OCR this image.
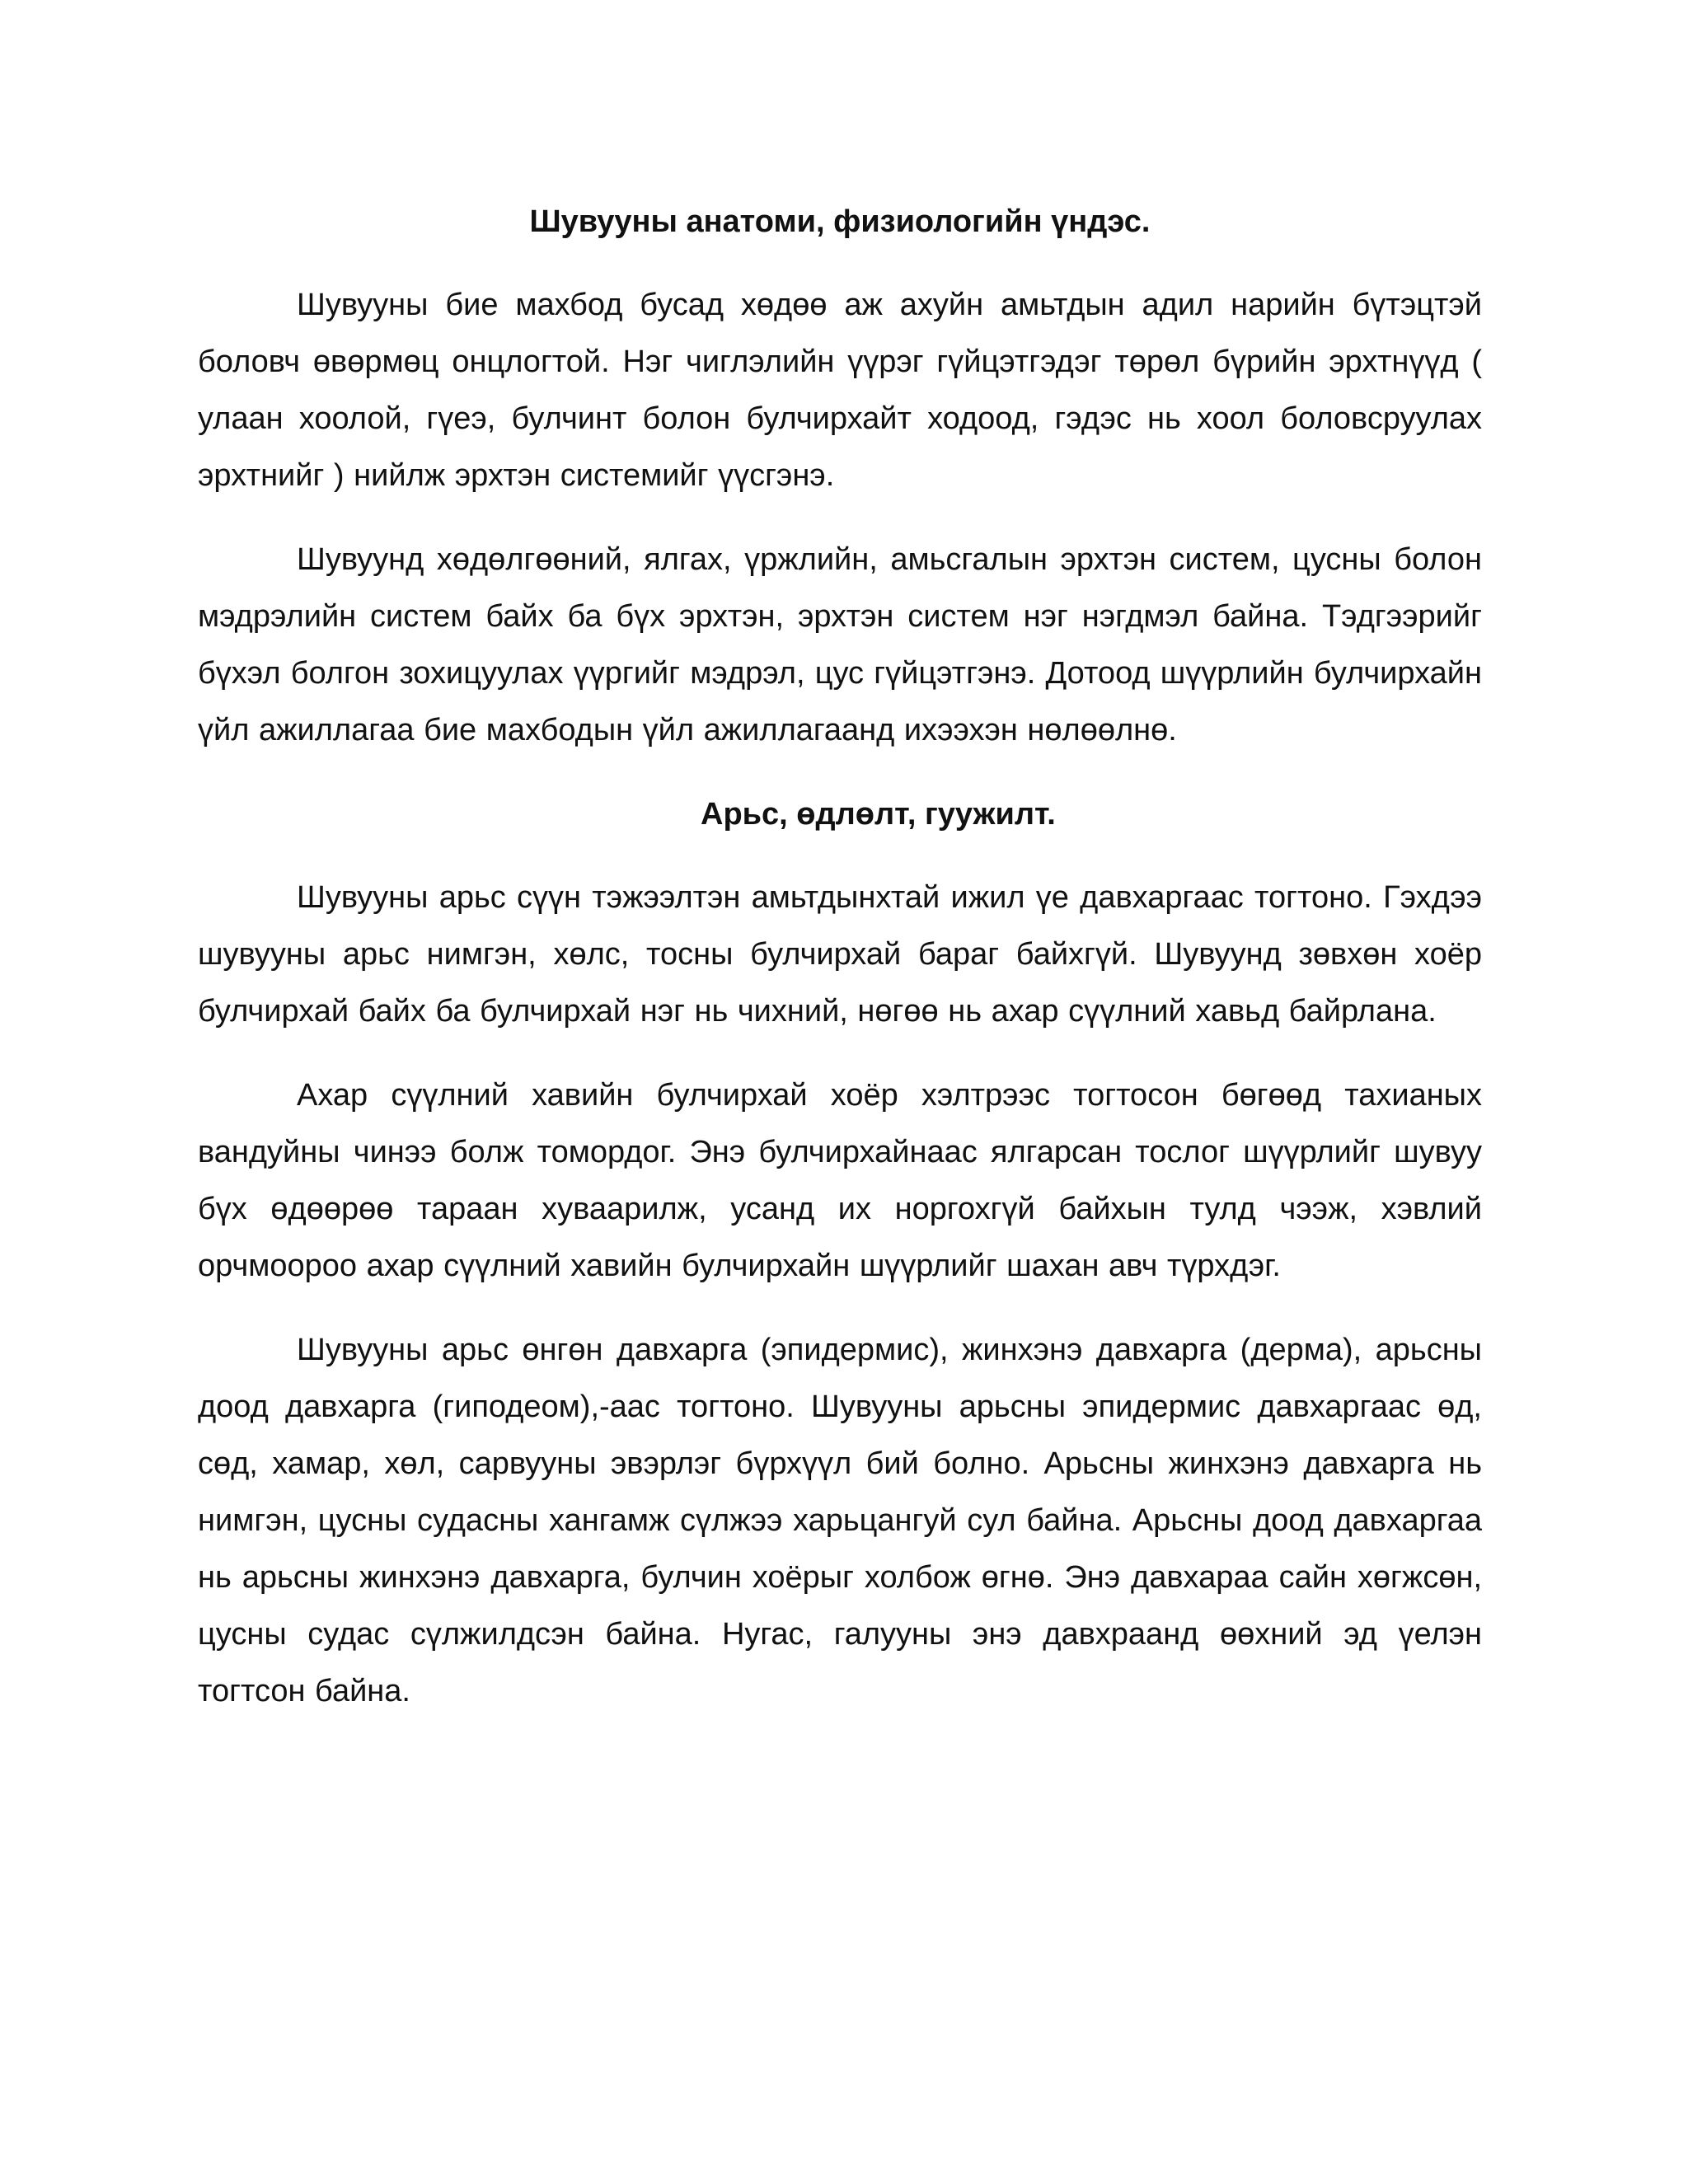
Шувууны анатоми, физиологийн үндэс.

Шувууны бие махбод бусад хөдөө аж ахуйн амьтдын адил нарийн бүтэцтэй боловч өвөрмөц онцлогтой. Нэг чиглэлийн үүрэг гүйцэтгэдэг төрөл бүрийн эрхтнүүд ( улаан хоолой, гүеэ, булчинт болон булчирхайт ходоод, гэдэс нь хоол боловсруулах эрхтнийг ) нийлж эрхтэн системийг үүсгэнэ.

Шувуунд хөдөлгөөний, ялгах, үржлийн, амьсгалын эрхтэн систем, цусны болон мэдрэлийн систем байх ба бүх эрхтэн, эрхтэн систем нэг нэгдмэл байна. Тэдгээрийг бүхэл болгон зохицуулах үүргийг мэдрэл, цус гүйцэтгэнэ. Дотоод шүүрлийн булчирхайн үйл ажиллагаа бие махбодын үйл ажиллагаанд ихээхэн нөлөөлнө.

Арьс, өдлөлт, гуужилт.

Шувууны арьс сүүн тэжээлтэн амьтдынхтай ижил үе давхаргаас тогтоно. Гэхдээ шувууны арьс нимгэн, хөлс, тосны булчирхай бараг байхгүй. Шувуунд зөвхөн хоёр булчирхай байх ба булчирхай нэг нь чихний, нөгөө нь ахар сүүлний хавьд байрлана.

Ахар сүүлний хавийн булчирхай хоёр хэлтрээс тогтосон бөгөөд тахианых вандуйны чинээ болж томордог. Энэ булчирхайнаас ялгарсан тослог шүүрлийг шувуу бүх өдөөрөө тараан хуваарилж, усанд их норгохгүй байхын тулд чээж, хэвлий орчмоороо ахар сүүлний хавийн булчирхайн шүүрлийг шахан авч түрхдэг.

Шувууны арьс өнгөн давхарга (эпидермис), жинхэнэ давхарга (дерма), арьсны доод давхарга (гиподеом),-аас тогтоно. Шувууны арьсны эпидермис давхаргаас өд, сөд, хамар, хөл, сарвууны эвэрлэг бүрхүүл бий болно. Арьсны жинхэнэ давхарга нь нимгэн, цусны судасны хангамж сүлжээ харьцангуй сул байна. Арьсны доод давхаргаа нь арьсны жинхэнэ давхарга, булчин хоёрыг холбож өгнө. Энэ давхараа сайн хөгжсөн, цусны судас сүлжилдсэн байна. Нугас, галууны энэ давхраанд өөхний эд үелэн тогтсон байна.
